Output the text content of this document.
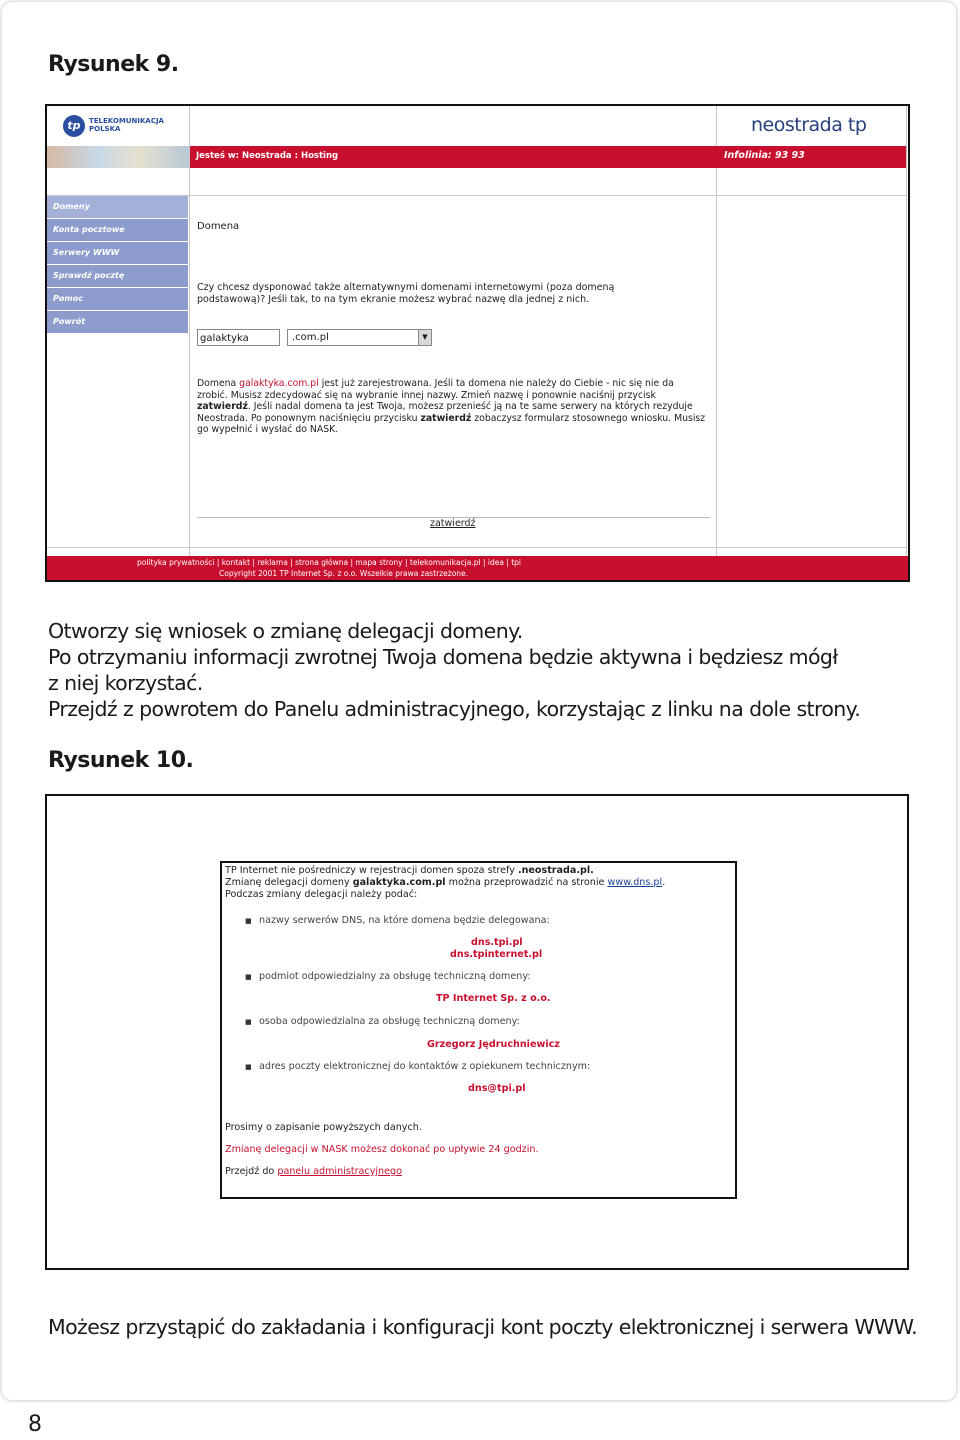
Rysunek 9.
tp	TELEKOMUNIKACJA
POLSKA	neostrada tp
Jesteś w: Neostrada : Hosting	Infolinia: 93 93
Domeny
Konta pocztowe
Serwery WWW
Sprawdź pocztę
Pomoc
Powrót
Domena
Czy chcesz dysponować także alternatywnymi domenami internetowymi (poza domeną podstawową)? Jeśli tak, to na tym ekranie możesz wybrać nazwę dla jednej z nich.
galaktyka	.com.pl	▼
Domena galaktyka.com.pl jest już zarejestrowana. Jeśli ta domena nie należy do Ciebie - nic się nie da zrobić. Musisz zdecydować się na wybranie innej nazwy. Zmień nazwę i ponownie naciśnij przycisk zatwierdź. Jeśli nadal domena ta jest Twoja, możesz przenieść ją na te same serwery na których rezyduje Neostrada. Po ponownym naciśnięciu przycisku zatwierdź zobaczysz formularz stosownego wniosku. Musisz go wypełnić i wysłać do NASK.
zatwierdź
polityka prywatności | kontakt | reklama | strona główna | mapa strony | telekomunikacja.pl | idea | tpi
Copyright 2001 TP Internet Sp. z o.o. Wszelkie prawa zastrzeżone.
Otworzy się wniosek o zmianę delegacji domeny.
Po otrzymaniu informacji zwrotnej Twoja domena będzie aktywna i będziesz mógł
z niej korzystać.
Przejdź z powrotem do Panelu administracyjnego, korzystając z linku na dole strony.
Rysunek 10.
TP Internet nie pośredniczy w rejestracji domen spoza strefy .neostrada.pl.
Zmianę delegacji domeny galaktyka.com.pl można przeprowadzić na stronie www.dns.pl.
Podczas zmiany delegacji należy podać:
■ nazwy serwerów DNS, na które domena będzie delegowana:
dns.tpi.pl
dns.tpinternet.pl
■ podmiot odpowiedzialny za obsługę techniczną domeny:
TP Internet Sp. z o.o.
■ osoba odpowiedzialna za obsługę techniczną domeny:
Grzegorz Jędruchniewicz
■ adres poczty elektronicznej do kontaktów z opiekunem technicznym:
dns@tpi.pl
Prosimy o zapisanie powyższych danych.
Zmianę delegacji w NASK możesz dokonać po upływie 24 godzin.
Przejdź do panelu administracyjnego
Możesz przystąpić do zakładania i konfiguracji kont poczty elektronicznej i serwera WWW.
8
